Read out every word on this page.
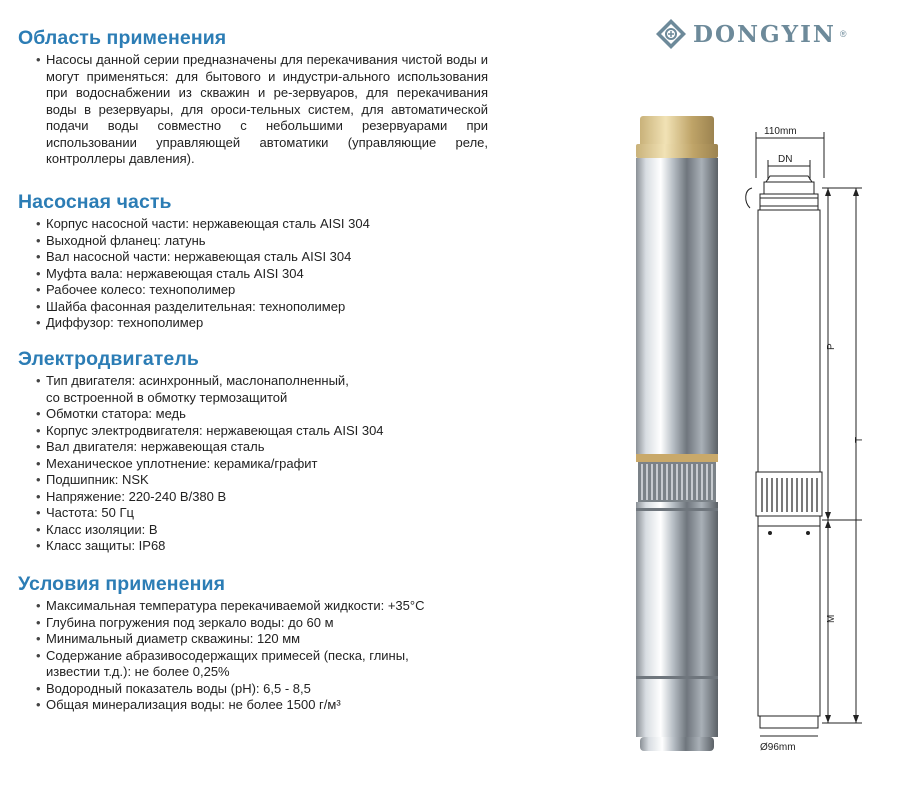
DONGYIN ®
Область применения
• Насосы данной серии предназначены для перекачивания чистой воды и могут применяться: для бытового и индустри-ального использования при водоснабжении из скважин и ре-зервуаров, для перекачивания воды в резервуары, для ороси-тельных систем, для автоматической подачи воды совместно с небольшими резервуарами при использовании управляющей автоматики (управляющие реле, контроллеры давления).
Насосная часть
• Корпус насосной части: нержавеющая сталь AISI 304
• Выходной фланец: латунь
• Вал насосной части: нержавеющая сталь AISI 304
• Муфта вала: нержавеющая сталь AISI 304
• Рабочее колесо: технополимер
• Шайба фасонная разделительная: технополимер
• Диффузор: технополимер
Электродвигатель
• Тип двигателя: асинхронный, маслонаполненный,
со встроенной в обмотку термозащитой
• Обмотки статора: медь
• Корпус электродвигателя: нержавеющая сталь AISI 304
• Вал двигателя: нержавеющая сталь
• Механическое уплотнение: керамика/графит
• Подшипник: NSK
• Напряжение: 220-240 В/380 В
• Частота: 50 Гц
• Класс изоляции: В
• Класс защиты: IP68
Условия применения
• Максимальная температура перекачиваемой жидкости: +35°С
• Глубина погружения под зеркало воды: до 60 м
• Минимальный диаметр скважины: 120 мм
• Содержание абразивосодержащих примесей (песка, глины,
известии т.д.): не более 0,25%
• Водородный показатель воды (pH): 6,5 - 8,5
• Общая минерализация воды: не более 1500 г/м³
110mm
DN
P
T
M
Ø96mm
